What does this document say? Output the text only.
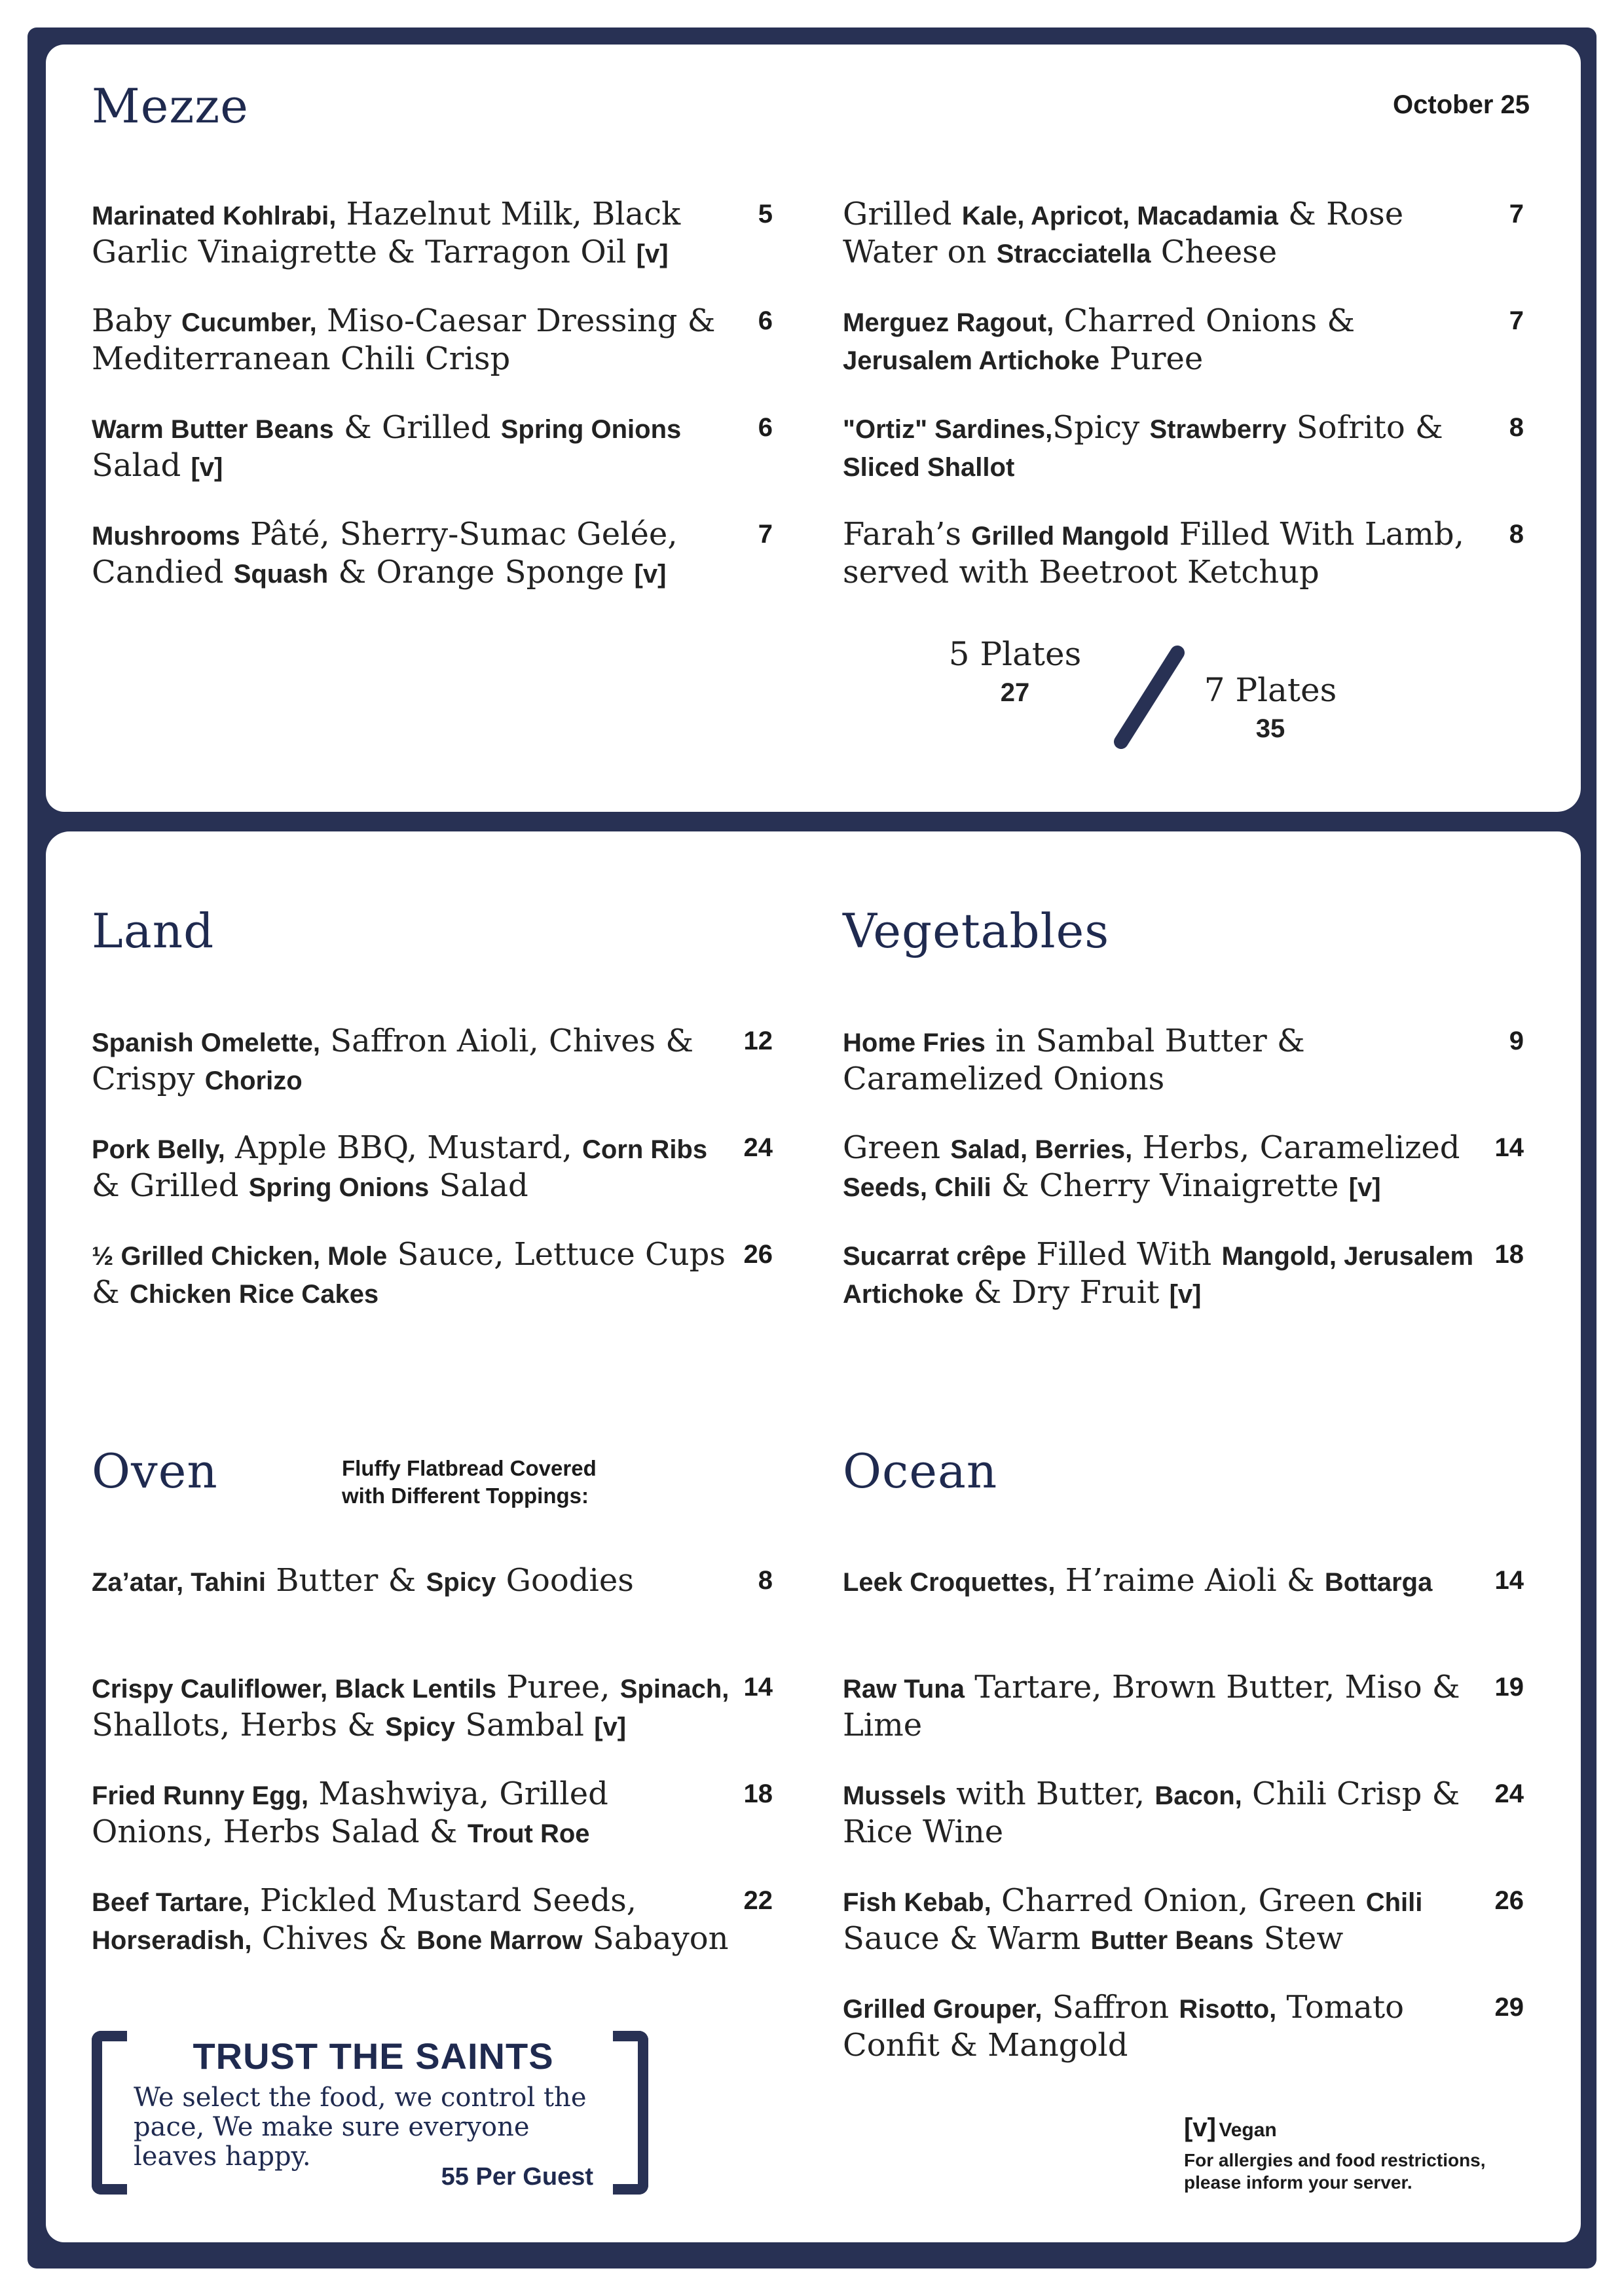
Mezze	October 25
Marinated Kohlrabi, Hazelnut Milk, Black Garlic Vinaigrette & Tarragon Oil [v]
5
Baby Cucumber, Miso-Caesar Dressing & Mediterranean Chili Crisp
6
Warm Butter Beans & Grilled Spring Onions Salad [v]
6
Mushrooms Pâté, Sherry-Sumac Gelée, Candied Squash & Orange Sponge [v]
7
Grilled Kale, Apricot, Macadamia & Rose Water on Stracciatella Cheese
7
Merguez Ragout, Charred Onions & Jerusalem Artichoke Puree
7
"Ortiz" Sardines,Spicy Strawberry Sofrito & Sliced Shallot
8
Farah’s Grilled Mangold Filled With Lamb, served with Beetroot Ketchup
8
5 Plates
27	7 Plates
35
Land	Vegetables
Spanish Omelette, Saffron Aioli, Chives & Crispy Chorizo
12
Pork Belly, Apple BBQ, Mustard, Corn Ribs & Grilled Spring Onions Salad
24
½ Grilled Chicken, Mole Sauce, Lettuce Cups & Chicken Rice Cakes
26
Home Fries in Sambal Butter & Caramelized Onions
9
Green Salad, Berries, Herbs, Caramelized Seeds, Chili & Cherry Vinaigrette [v]
14
Sucarrat crêpe Filled With Mangold, Jerusalem Artichoke & Dry Fruit [v]
18
Oven	Fluffy Flatbread Covered
with Different Toppings:	Ocean
Za’atar, Tahini Butter & Spicy Goodies	8
Crispy Cauliflower, Black Lentils Puree, Spinach, Shallots, Herbs & Spicy Sambal [v]
14
Fried Runny Egg, Mashwiya, Grilled Onions, Herbs Salad & Trout Roe
18
Beef Tartare, Pickled Mustard Seeds, Horseradish, Chives & Bone Marrow Sabayon
22
Leek Croquettes, H’raime Aioli & Bottarga	14
Raw Tuna Tartare, Brown Butter, Miso & Lime
19
Mussels with Butter, Bacon, Chili Crisp & Rice Wine
24
Fish Kebab, Charred Onion, Green Chili Sauce & Warm Butter Beans Stew
26
Grilled Grouper, Saffron Risotto, Tomato Confit & Mangold
29
TRUST THE SAINTS
We select the food, we control the pace, We make sure everyone leaves happy.
55 Per Guest
[v] Vegan
For allergies and food restrictions, please inform your server.
